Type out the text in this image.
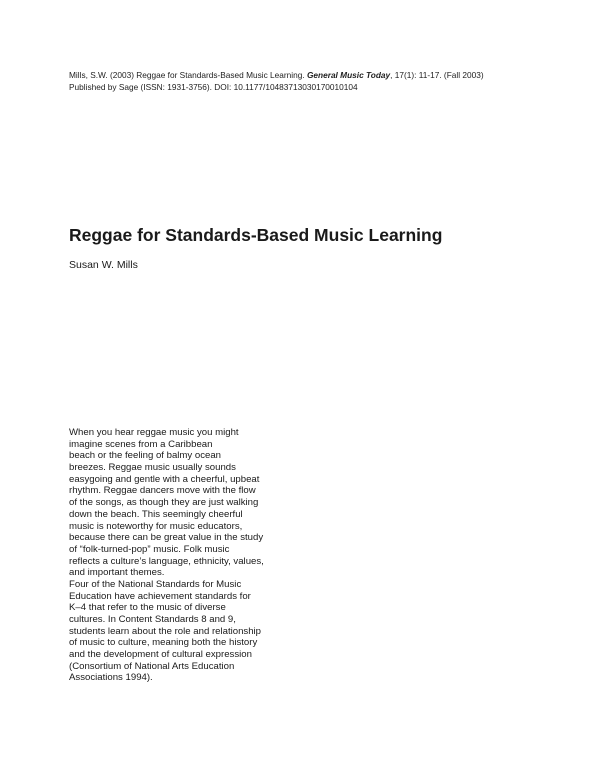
Mills, S.W. (2003) Reggae for Standards-Based Music Learning. General Music Today, 17(1): 11-17. (Fall 2003)
Published by Sage (ISSN: 1931-3756). DOI: 10.1177/10483713030170010104
Reggae for Standards-Based Music Learning
Susan W. Mills
When you hear reggae music you might
imagine scenes from a Caribbean
beach or the feeling of balmy ocean
breezes. Reggae music usually sounds
easygoing and gentle with a cheerful, upbeat
rhythm. Reggae dancers move with the flow
of the songs, as though they are just walking
down the beach. This seemingly cheerful
music is noteworthy for music educators,
because there can be great value in the study
of “folk-turned-pop” music. Folk music
reflects a culture’s language, ethnicity, values,
and important themes.
Four of the National Standards for Music
Education have achievement standards for
K–4 that refer to the music of diverse
cultures. In Content Standards 8 and 9,
students learn about the role and relationship
of music to culture, meaning both the history
and the development of cultural expression
(Consortium of National Arts Education
Associations 1994).
